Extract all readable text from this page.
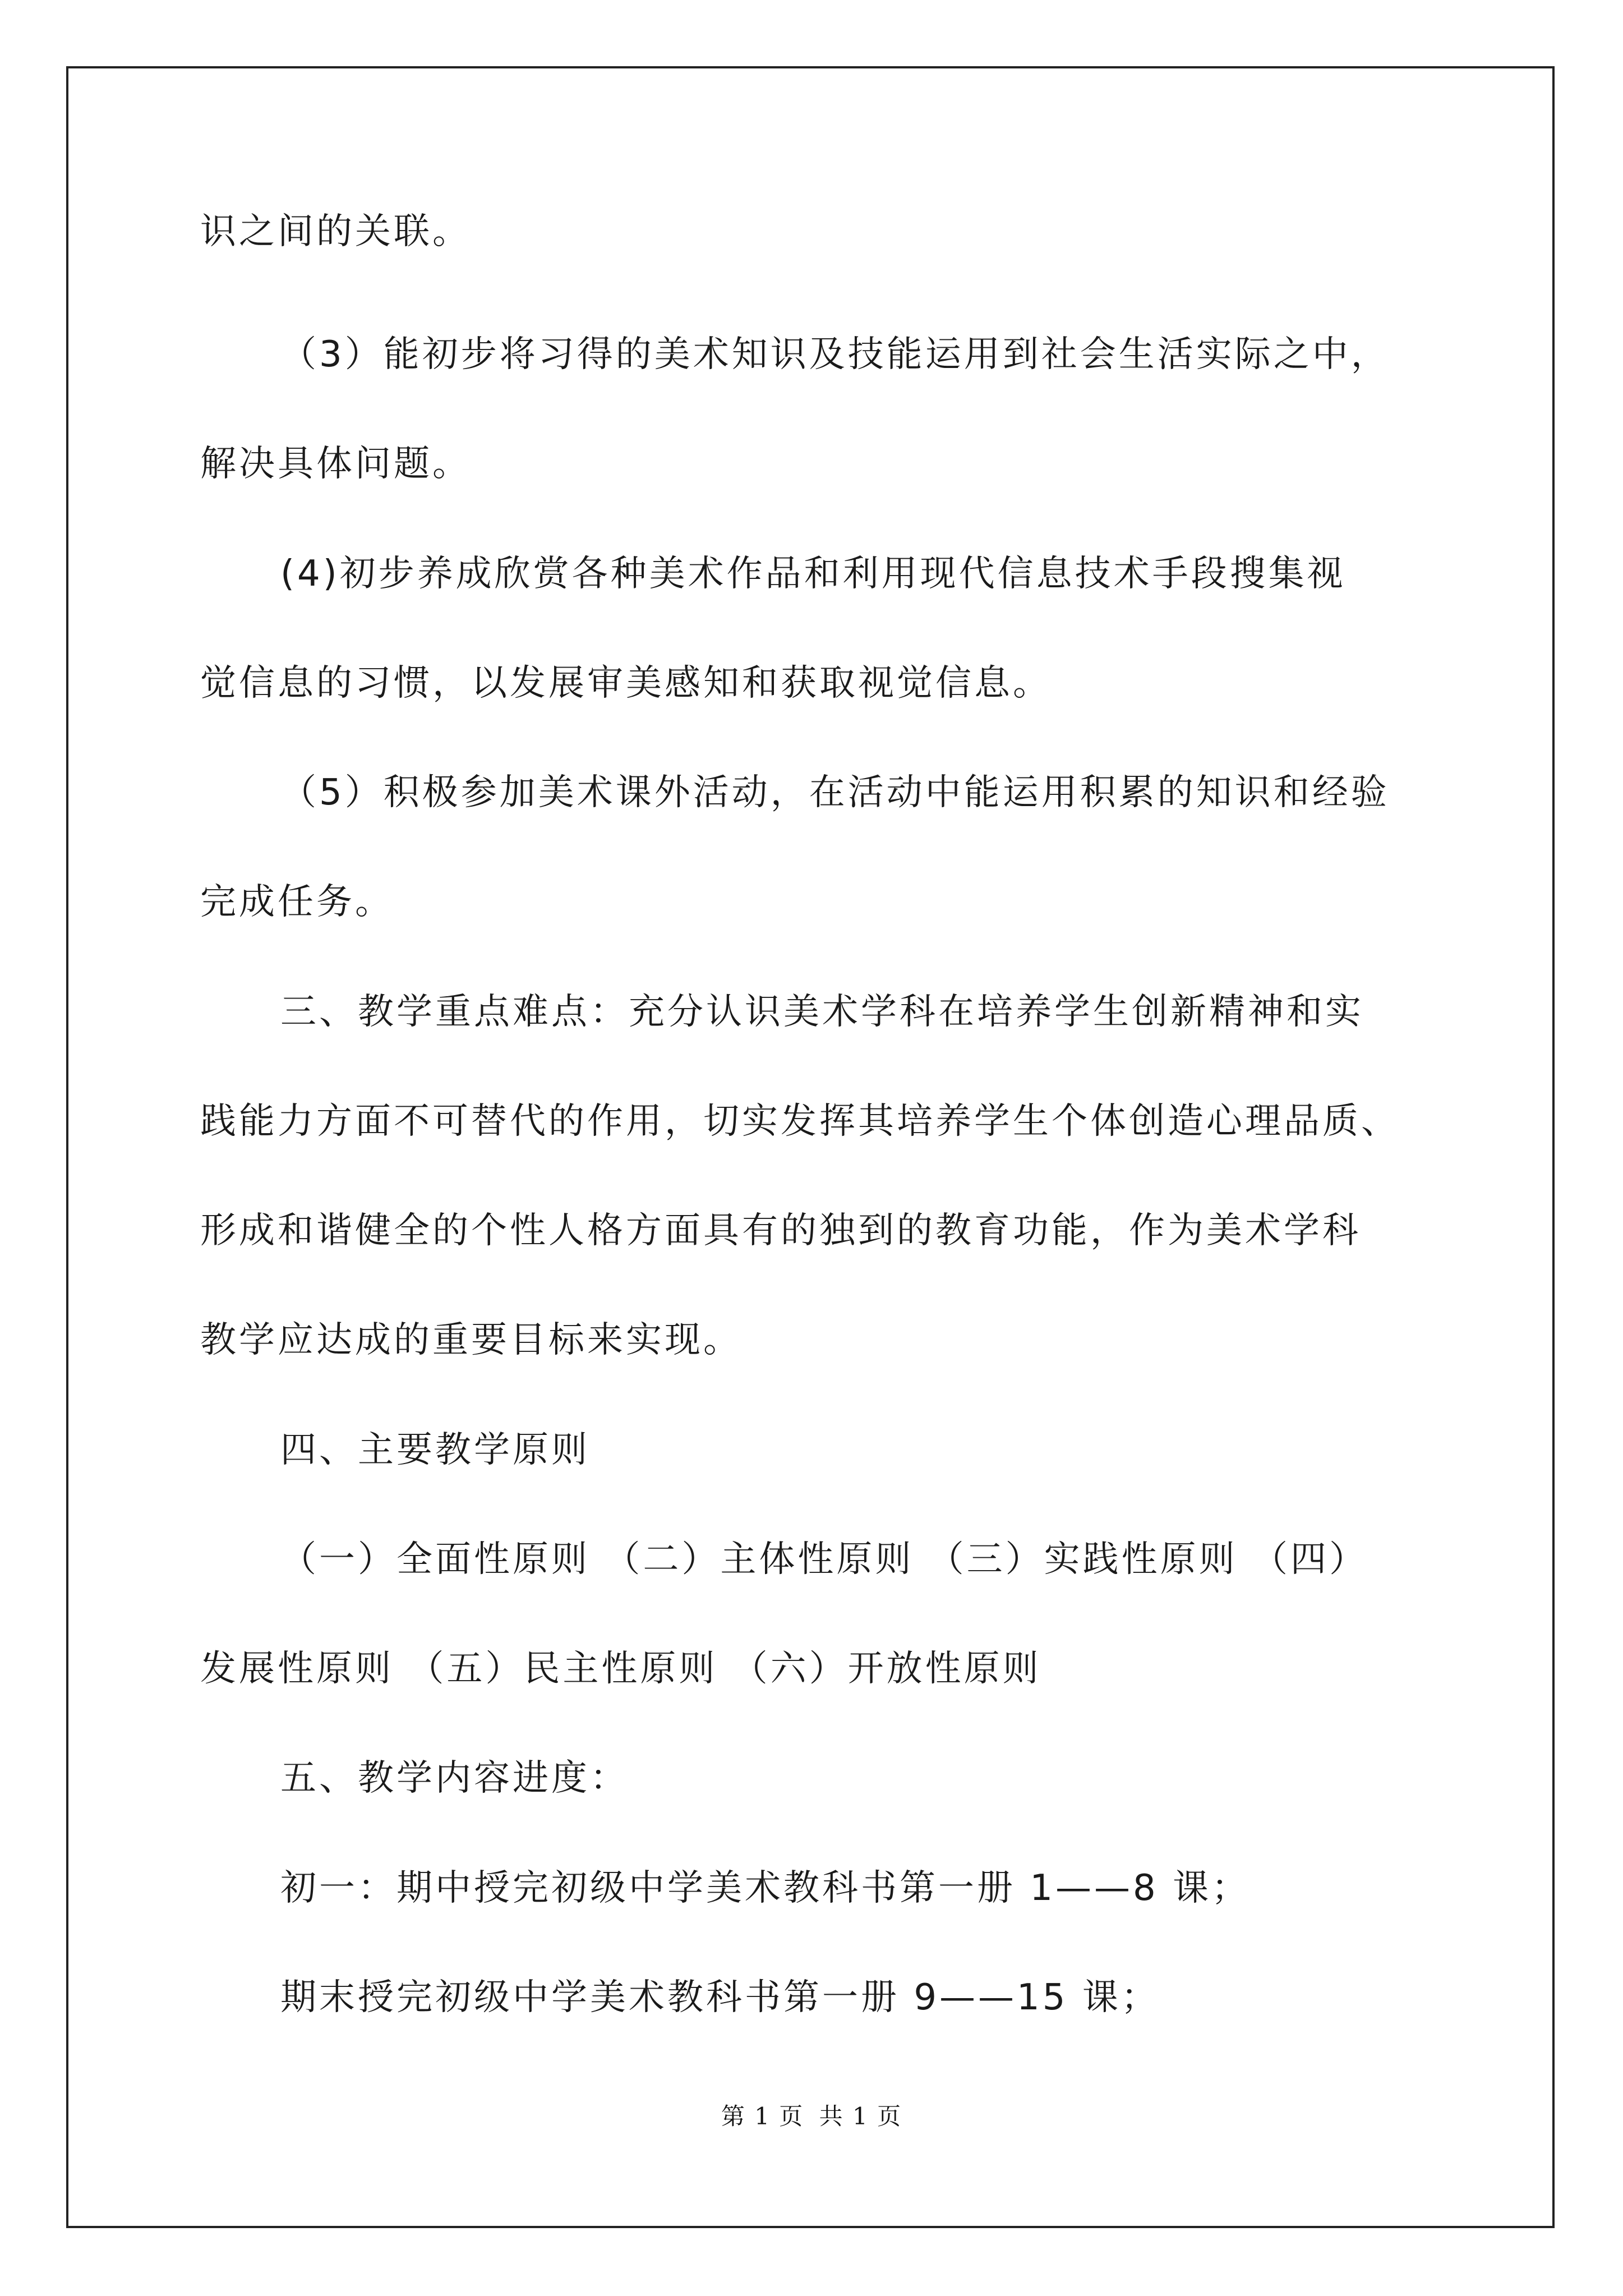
识之间的关联。
（3）能初步将习得的美术知识及技能运用到社会生活实际之中，
解决具体问题。
(4)初步养成欣赏各种美术作品和利用现代信息技术手段搜集视
觉信息的习惯，以发展审美感知和获取视觉信息。
（5）积极参加美术课外活动，在活动中能运用积累的知识和经验
完成任务。
三、教学重点难点：充分认识美术学科在培养学生创新精神和实
践能力方面不可替代的作用，切实发挥其培养学生个体创造心理品质、
形成和谐健全的个性人格方面具有的独到的教育功能，作为美术学科
教学应达成的重要目标来实现。
四、主要教学原则
（一）全面性原则 （二）主体性原则 （三）实践性原则 （四）
发展性原则 （五）民主性原则 （六）开放性原则
五、教学内容进度：
初一：期中授完初级中学美术教科书第一册 1——8 课；
期末授完初级中学美术教科书第一册 9——15 课；
第 1 页 共 1 页
